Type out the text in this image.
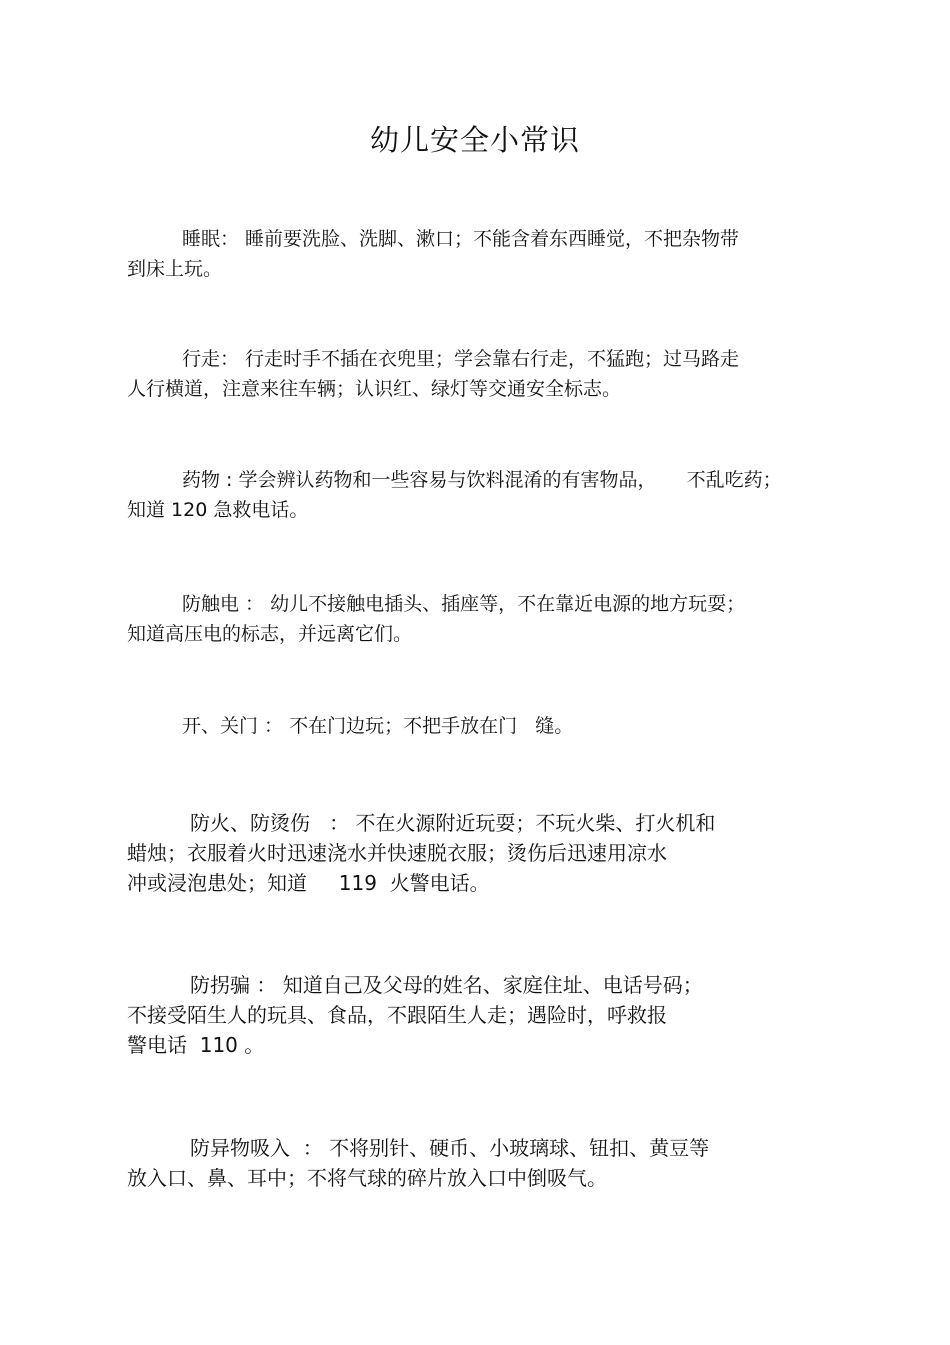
幼儿安全小常识

睡眠： 睡前要洗脸、洗脚、漱口；不能含着东西睡觉，不把杂物带
到床上玩。

行走： 行走时手不插在衣兜里；学会靠右行走，不猛跑；过马路走
人行横道，注意来往车辆；认识红、绿灯等交通安全标志。

药物 : 学会辨认药物和一些容易与饮料混淆的有害物品，     不乱吃药；
知道 120 急救电话。

防触电 ： 幼儿不接触电插头、插座等，不在靠近电源的地方玩耍；
知道高压电的标志，并远离它们。

开、关门 ： 不在门边玩；不把手放在门   缝。

防火、防烫伤   ： 不在火源附近玩耍；不玩火柴、打火机和
蜡烛；衣服着火时迅速浇水并快速脱衣服；烫伤后迅速用凉水
冲或浸泡患处；知道     119  火警电话。

防拐骗 ： 知道自己及父母的姓名、家庭住址、电话号码；
不接受陌生人的玩具、食品，不跟陌生人走；遇险时，呼救报
警电话  110 。

防异物吸入  ： 不将别针、硬币、小玻璃球、钮扣、黄豆等
放入口、鼻、耳中；不将气球的碎片放入口中倒吸气。
